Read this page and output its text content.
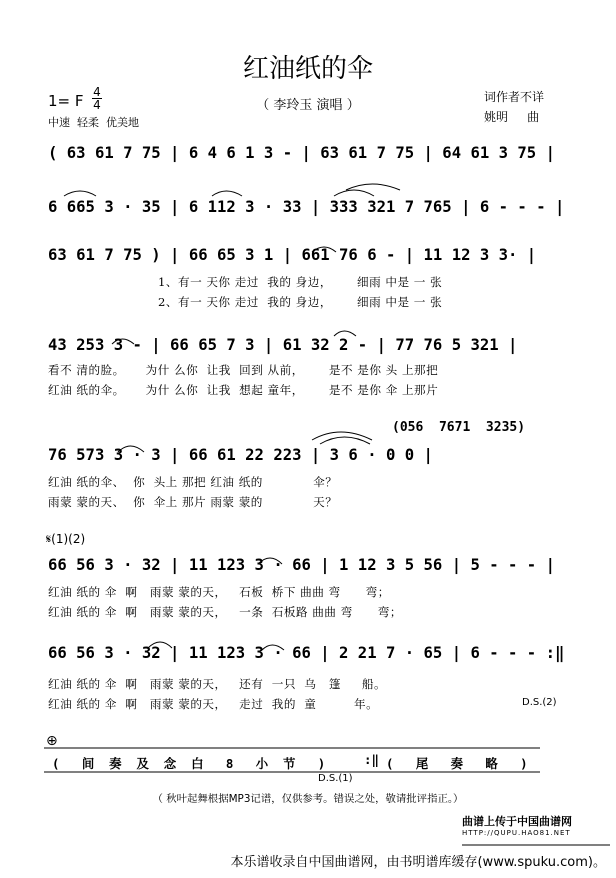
红油纸的伞
（ 李玲玉 演唱 ）
1= F 4
4
中速  轻柔  优美地
词作者不详
姚明     曲
( 63 61 7 75 | 6 4 6 1 3 - | 63 61 7 75 | 64 61 3 75 |
6 665 3 · 35 | 6 112 3 · 33 | 333 321 7 765 | 6 - - - |
63 61 7 75 ) | 66 65 3 1 | 661 76 6 - | 11 12 3 3· |
1、有一 天你 走过  我的 身边，      细雨 中是 一 张
2、有一 天你 走过  我的 身边，      细雨 中是 一 张
43 253 3 - | 66 65 7 3 | 61 32 2 - | 77 76 5 321 |
看不 清的脸。     为什 么你  让我  回到 从前，      是不 是你 头 上那把
红油 纸的伞。     为什 么你  让我  想起 童年，      是不 是你 伞 上那片
(056  7671  3235)
76 573 3 · 3 | 66 61 22 223 | 3 6 · 0 0 |
红油 纸的伞、  你  头上 那把 红油 纸的            伞？
雨蒙 蒙的天、  你  伞上 那片 雨蒙 蒙的            天？
𝄋(1)(2)
66 56 3 · 32 | 11 123 3 · 66 | 1 12 3 5 56 | 5 - - - |
红油 纸的 伞  啊   雨蒙 蒙的天，   石板  桥下 曲曲 弯      弯；
红油 纸的 伞  啊   雨蒙 蒙的天，   一条  石板路 曲曲 弯      弯；
66 56 3 · 32 | 11 123 3 · 66 | 2 21 7 · 65 | 6 - - - :‖
红油 纸的 伞  啊   雨蒙 蒙的天，   还有  一只  乌   篷     船。
红油 纸的 伞  啊   雨蒙 蒙的天，   走过  我的  童         年。	D.S.(2)
⊕
(   间  奏  及  念  白   8   小  节   )	:‖ (   尾   奏   略   )
D.S.(1)
（ 秋叶起舞根据MP3记谱，仅供参考。错误之处，敬请批评指正。）
曲谱上传于中国曲谱网
HTTP://QUPU.HAO81.NET
本乐谱收录自中国曲谱网，由书明谱库缓存(www.spuku.com)。
